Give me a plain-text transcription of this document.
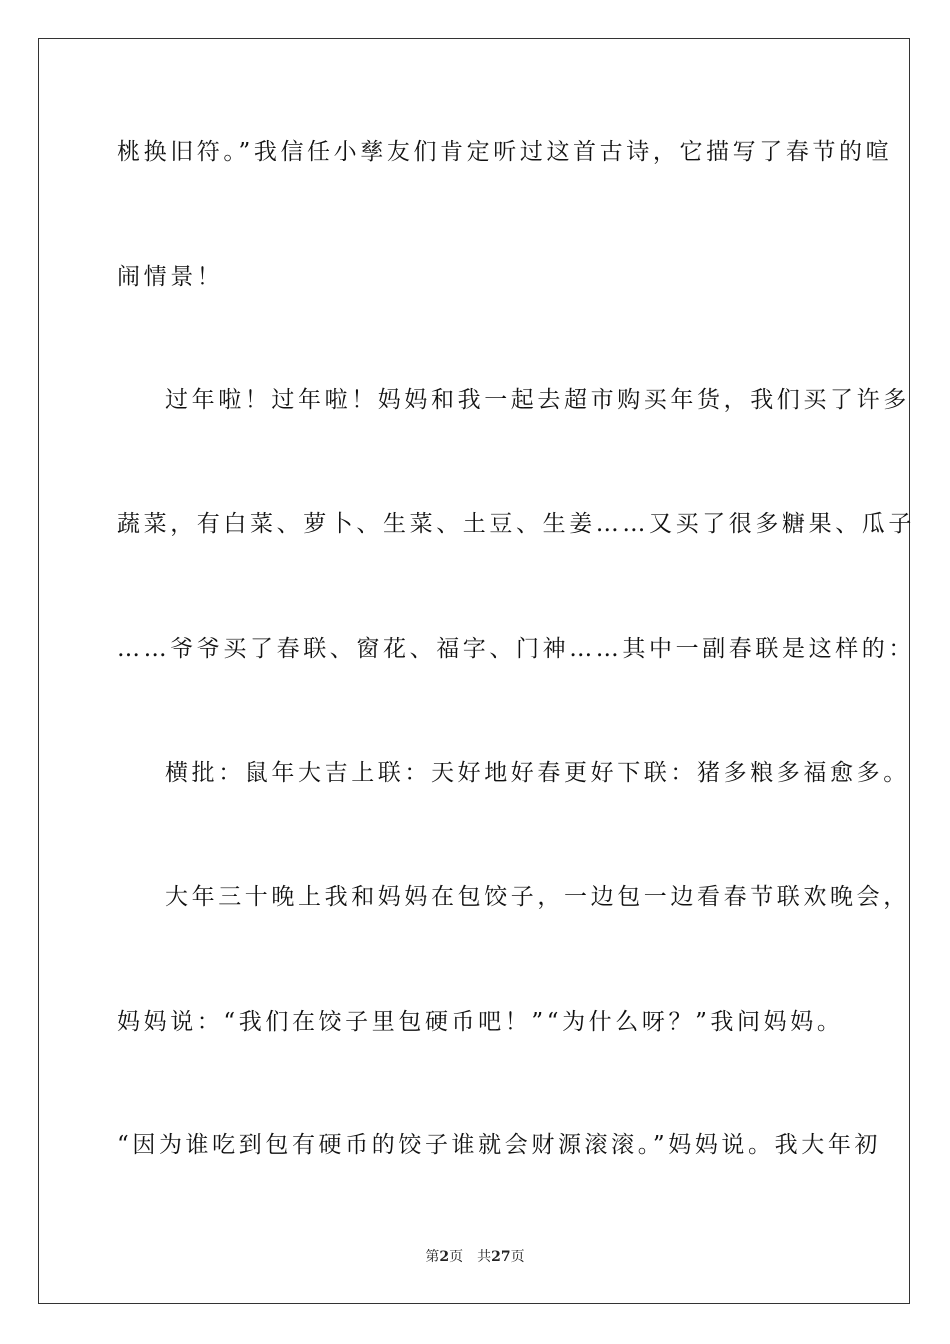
桃换旧符。”我信任小孳友们肯定听过这首古诗，它描写了春节的喧
闹情景！
过年啦！过年啦！妈妈和我一起去超市购买年货，我们买了许多
蔬菜，有白菜、萝卜、生菜、土豆、生姜……又买了很多糖果、瓜子
……爷爷买了春联、窗花、福字、门神……其中一副春联是这样的：
横批：鼠年大吉上联：天好地好春更好下联：猪多粮多福愈多。
大年三十晚上我和妈妈在包饺子，一边包一边看春节联欢晚会，
妈妈说：“我们在饺子里包硬币吧！”“为什么呀？”我问妈妈。
“因为谁吃到包有硬币的饺子谁就会财源滚滚。”妈妈说。我大年初
第2页 共27页
